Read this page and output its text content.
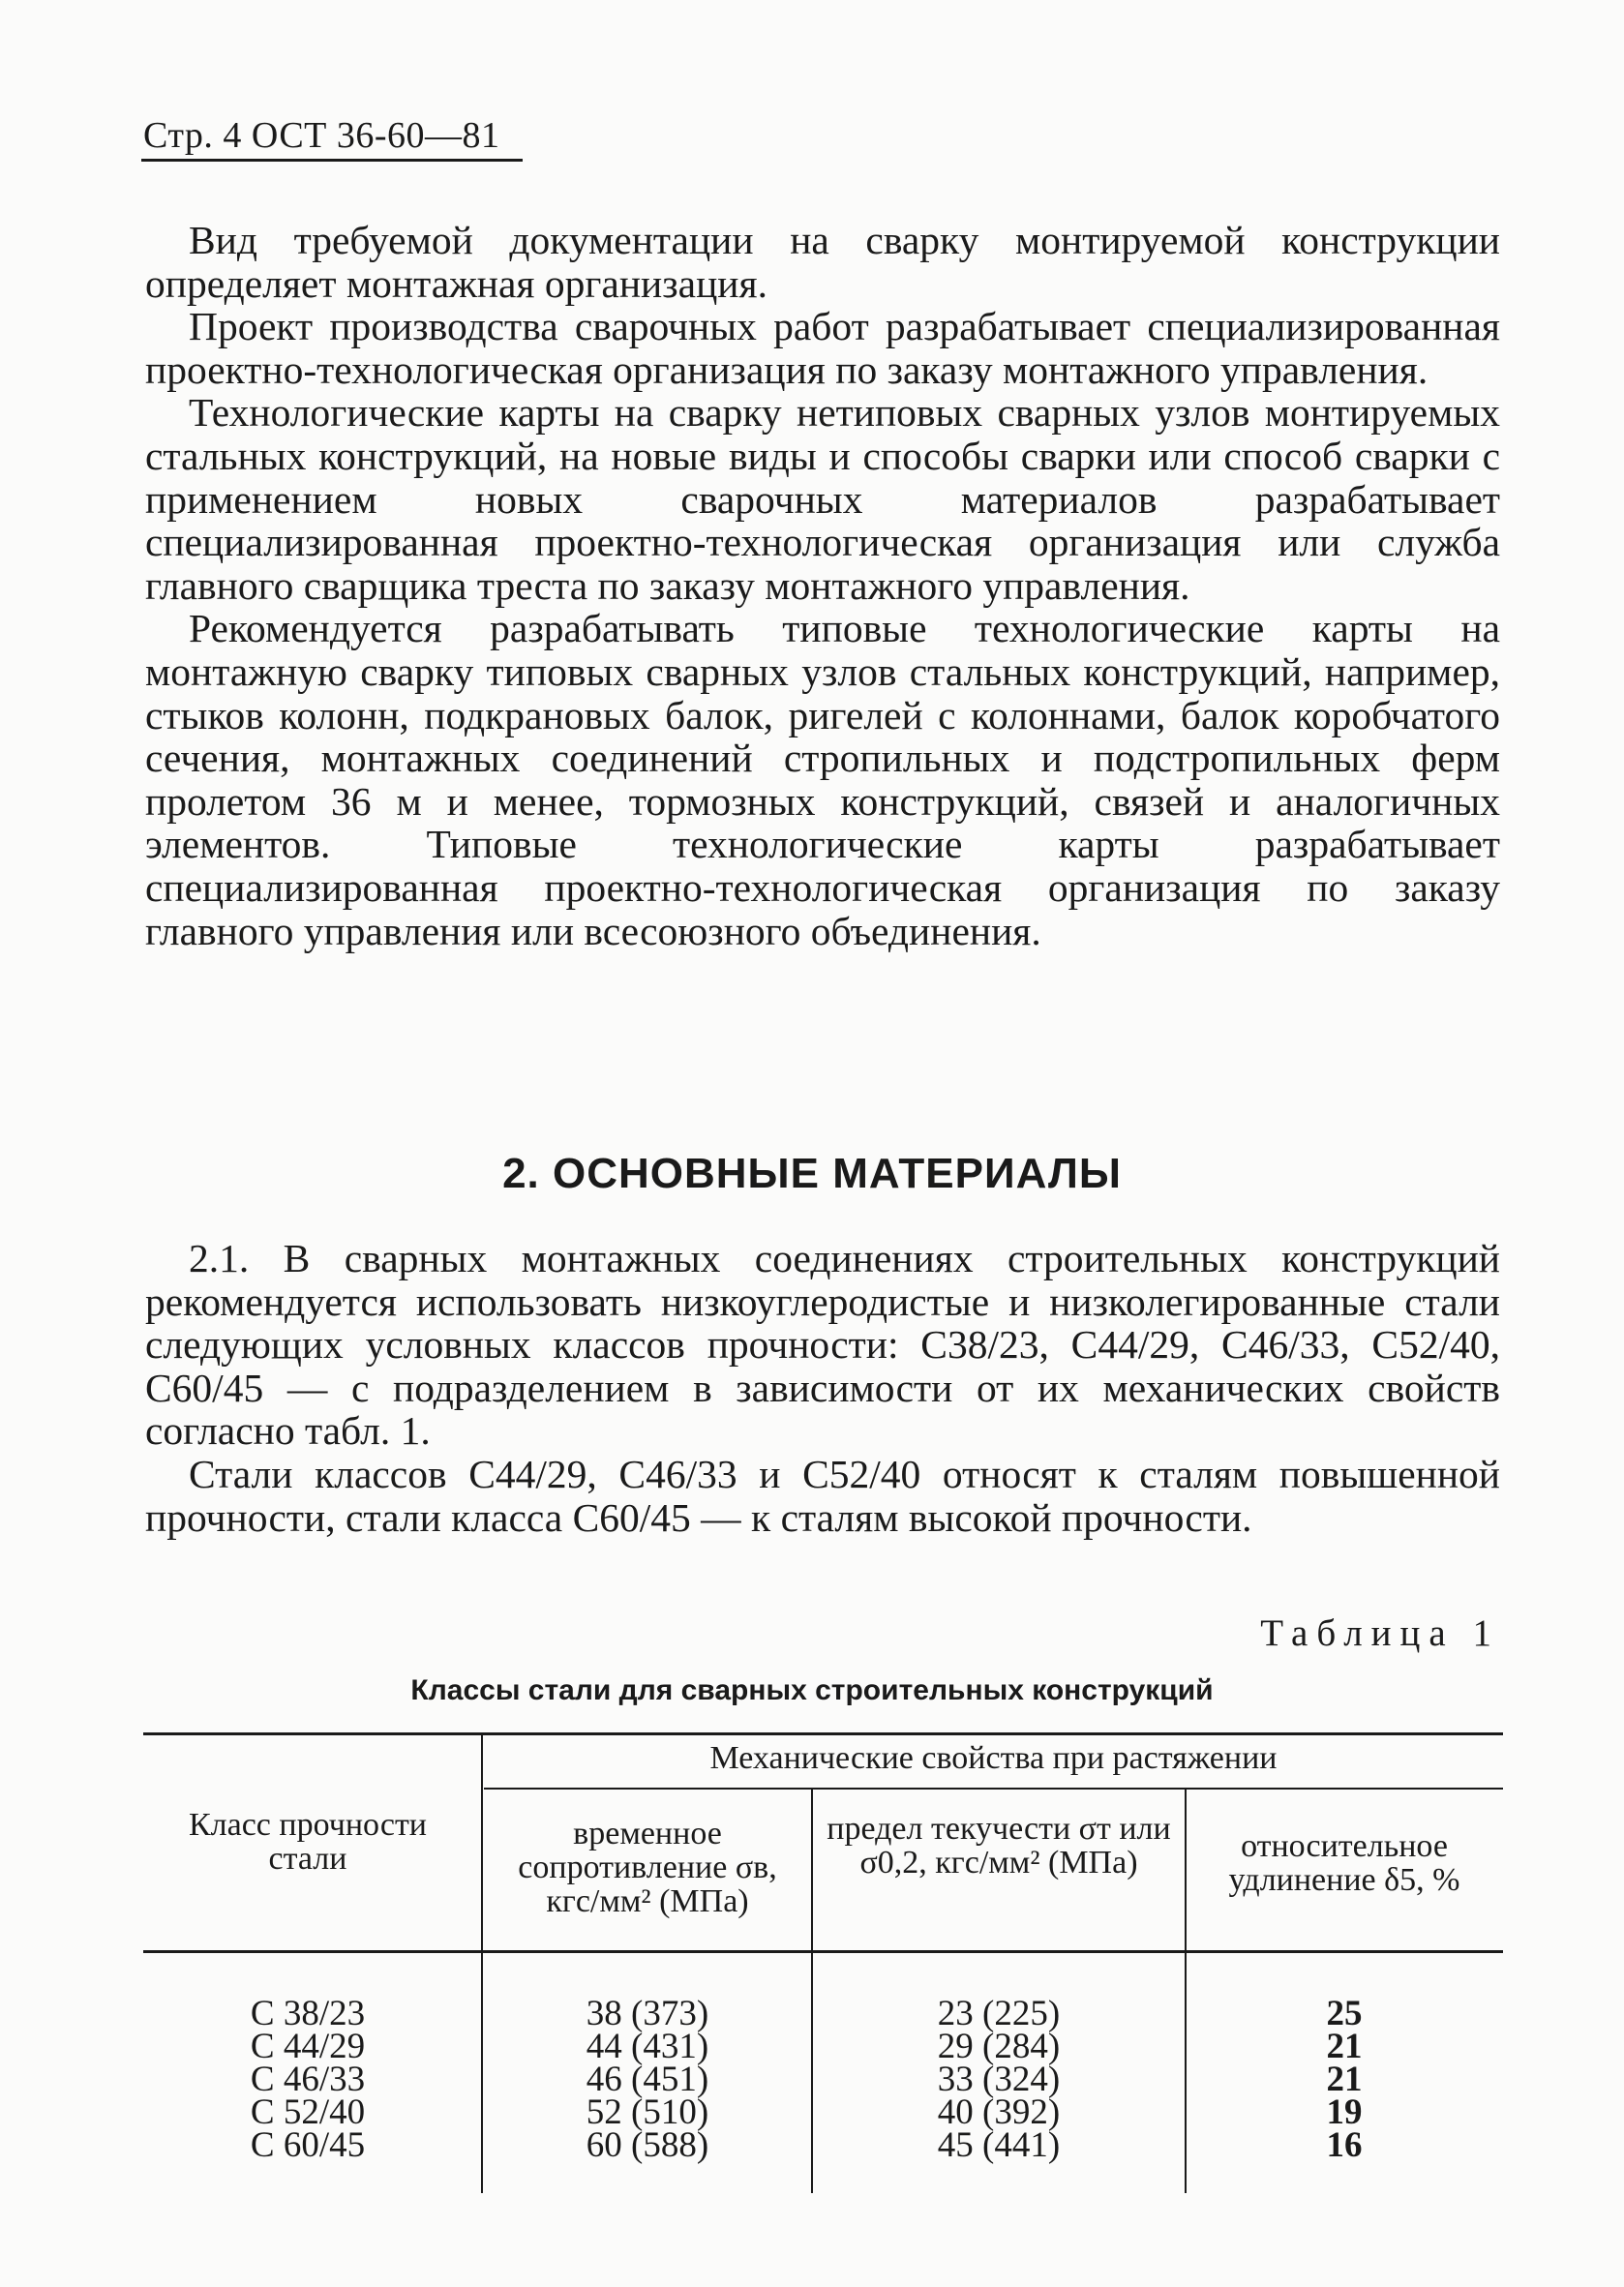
Стр. 4 ОСТ 36-60—81

Вид требуемой документации на сварку монтируемой конструкции определяет монтажная организация.

Проект производства сварочных работ разрабатывает специализированная проектно-технологическая организация по заказу монтажного управления.

Технологические карты на сварку нетиповых сварных узлов монтируемых стальных конструкций, на новые виды и способы сварки или способ сварки с применением новых сварочных материалов разрабатывает специализированная проектно-технологическая организация или служба главного сварщика треста по заказу монтажного управления.

Рекомендуется разрабатывать типовые технологические карты на монтажную сварку типовых сварных узлов стальных конструкций, например, стыков колонн, подкрановых балок, ригелей с колоннами, балок коробчатого сечения, монтажных соединений стропильных и подстропильных ферм пролетом 36 м и менее, тормозных конструкций, связей и аналогичных элементов. Типовые технологические карты разрабатывает специализированная проектно-технологическая организация по заказу главного управления или всесоюзного объединения.

2. ОСНОВНЫЕ МАТЕРИАЛЫ

2.1. В сварных монтажных соединениях строительных конструкций рекомендуется использовать низкоуглеродистые и низколегированные стали следующих условных классов прочности: С38/23, С44/29, С46/33, С52/40, С60/45 — с подразделением в зависимости от их механических свойств согласно табл. 1.

Стали классов С44/29, С46/33 и С52/40 относят к сталям повышенной прочности, стали класса С60/45 — к сталям высокой прочности.

Таблица 1
Классы стали для сварных строительных конструкций
Класс прочности стали
Механические свойства при растяжении
временное сопротивление σв, кгс/мм² (МПа)
предел текучести σт или σ0,2, кгс/мм² (МПа)	относительное удлинение δ5, %
С 38/23
С 44/29
С 46/33
С 52/40
С 60/45
38 (373)
44 (431)
46 (451)
52 (510)
60 (588)
23 (225)
29 (284)
33 (324)
40 (392)
45 (441)
25
21
21
19
16
